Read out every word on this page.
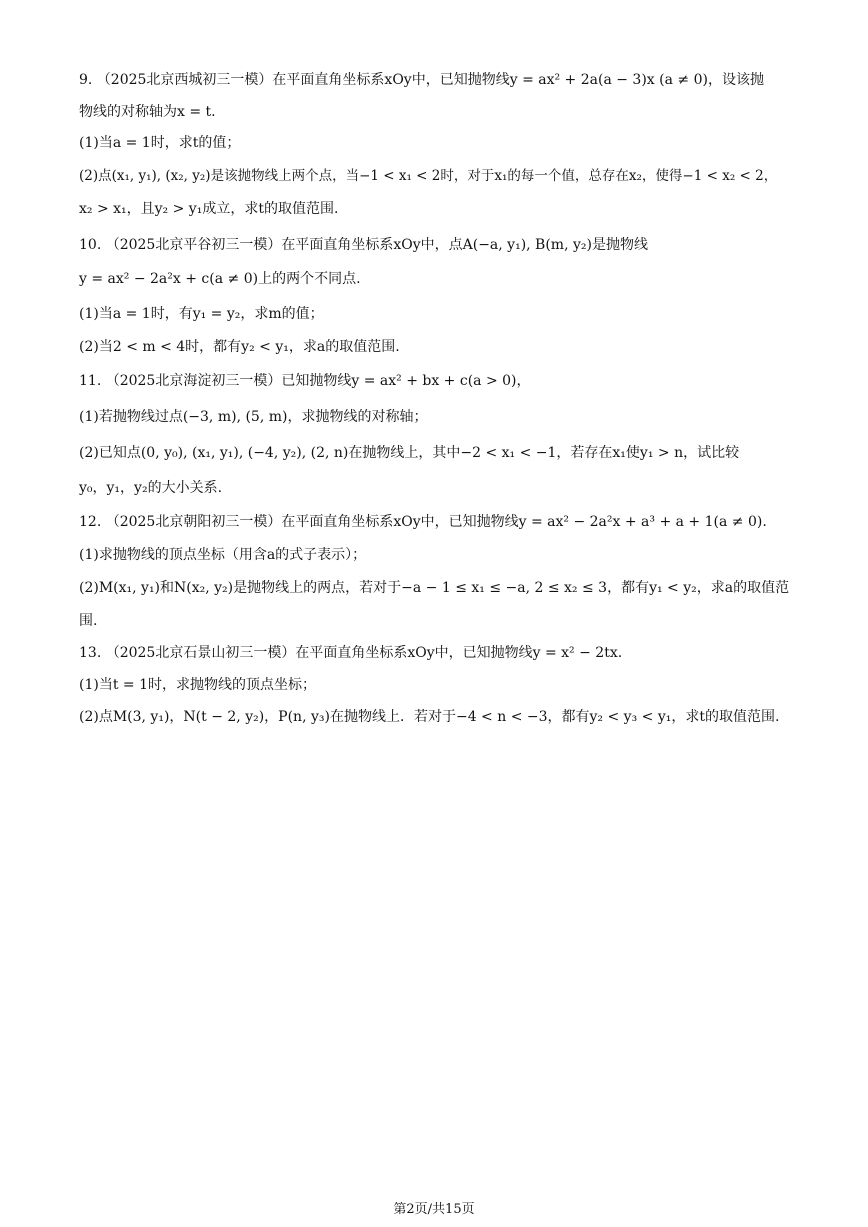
9. （2025北京西城初三一模）在平面直角坐标系xOy中，已知抛物线y = ax² + 2a(a − 3)x (a ≠ 0)，设该抛
物线的对称轴为x = t.
(1)当a = 1时，求t的值；
(2)点(x₁, y₁), (x₂, y₂)是该抛物线上两个点，当−1 < x₁ < 2时，对于x₁的每一个值，总存在x₂，使得−1 < x₂ < 2，
x₂ > x₁，且y₂ > y₁成立，求t的取值范围.
10. （2025北京平谷初三一模）在平面直角坐标系xOy中，点A(−a, y₁), B(m, y₂)是抛物线
y = ax² − 2a²x + c(a ≠ 0)上的两个不同点.
(1)当a = 1时，有y₁ = y₂，求m的值；
(2)当2 < m < 4时，都有y₂ < y₁，求a的取值范围.
11. （2025北京海淀初三一模）已知抛物线y = ax² + bx + c(a > 0)，
(1)若抛物线过点(−3, m), (5, m)，求抛物线的对称轴；
(2)已知点(0, y₀), (x₁, y₁), (−4, y₂), (2, n)在抛物线上，其中−2 < x₁ < −1，若存在x₁使y₁ > n，试比较
y₀，y₁，y₂的大小关系.
12. （2025北京朝阳初三一模）在平面直角坐标系xOy中，已知抛物线y = ax² − 2a²x + a³ + a + 1(a ≠ 0).
(1)求抛物线的顶点坐标（用含a的式子表示）；
(2)M(x₁, y₁)和N(x₂, y₂)是抛物线上的两点，若对于−a − 1 ≤ x₁ ≤ −a, 2 ≤ x₂ ≤ 3，都有y₁ < y₂，求a的取值范
围.
13. （2025北京石景山初三一模）在平面直角坐标系xOy中，已知抛物线y = x² − 2tx.
(1)当t = 1时，求抛物线的顶点坐标；
(2)点M(3, y₁)，N(t − 2, y₂)，P(n, y₃)在抛物线上．若对于−4 < n < −3，都有y₂ < y₃ < y₁，求t的取值范围.
第2页/共15页
